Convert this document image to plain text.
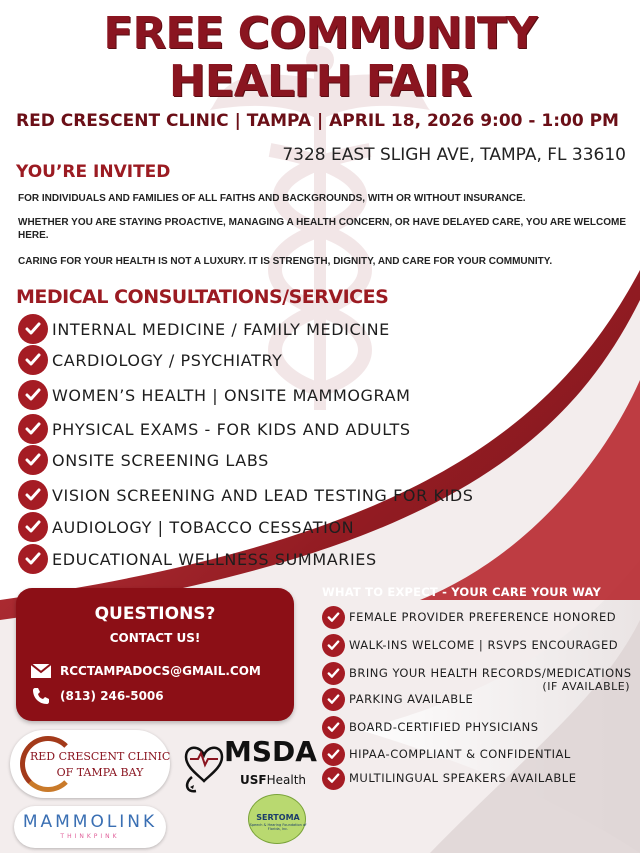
FREE COMMUNITY
HEALTH FAIR
RED CRESCENT CLINIC | TAMPA | APRIL 18, 2026 9:00 - 1:00 PM
YOU’RE INVITED
7328 EAST SLIGH AVE, TAMPA, FL 33610
FOR INDIVIDUALS AND FAMILIES OF ALL FAITHS AND BACKGROUNDS, WITH OR WITHOUT INSURANCE.
WHETHER YOU ARE STAYING PROACTIVE, MANAGING A HEALTH CONCERN, OR HAVE DELAYED CARE, YOU ARE WELCOME HERE.
CARING FOR YOUR HEALTH IS NOT A LUXURY. IT IS STRENGTH, DIGNITY, AND CARE FOR YOUR COMMUNITY.
MEDICAL CONSULTATIONS/SERVICES
INTERNAL MEDICINE / FAMILY MEDICINE
CARDIOLOGY / PSYCHIATRY
WOMEN’S HEALTH | ONSITE MAMMOGRAM
PHYSICAL EXAMS - FOR KIDS AND ADULTS
ONSITE SCREENING LABS
VISION SCREENING AND LEAD TESTING FOR KIDS
AUDIOLOGY | TOBACCO CESSATION
EDUCATIONAL WELLNESS SUMMARIES
QUESTIONS?
CONTACT US!
RCCTAMPADOCS@GMAIL.COM
(813) 246-5006
WHAT TO EXPECT - YOUR CARE YOUR WAY
FEMALE PROVIDER PREFERENCE HONORED
WALK-INS WELCOME | RSVPS ENCOURAGED
BRING YOUR HEALTH RECORDS/MEDICATIONS
(IF AVAILABLE)
PARKING AVAILABLE
BOARD-CERTIFIED PHYSICIANS
HIPAA-COMPLIANT & CONFIDENTIAL
MULTILINGUAL SPEAKERS AVAILABLE
RED CRESCENT CLINIC
OF TAMPA BAY
MAMMOLINK
THINKPINK
MSDA
USFHealth
SERTOMA
Speech & Hearing Foundation of Florida, Inc.
